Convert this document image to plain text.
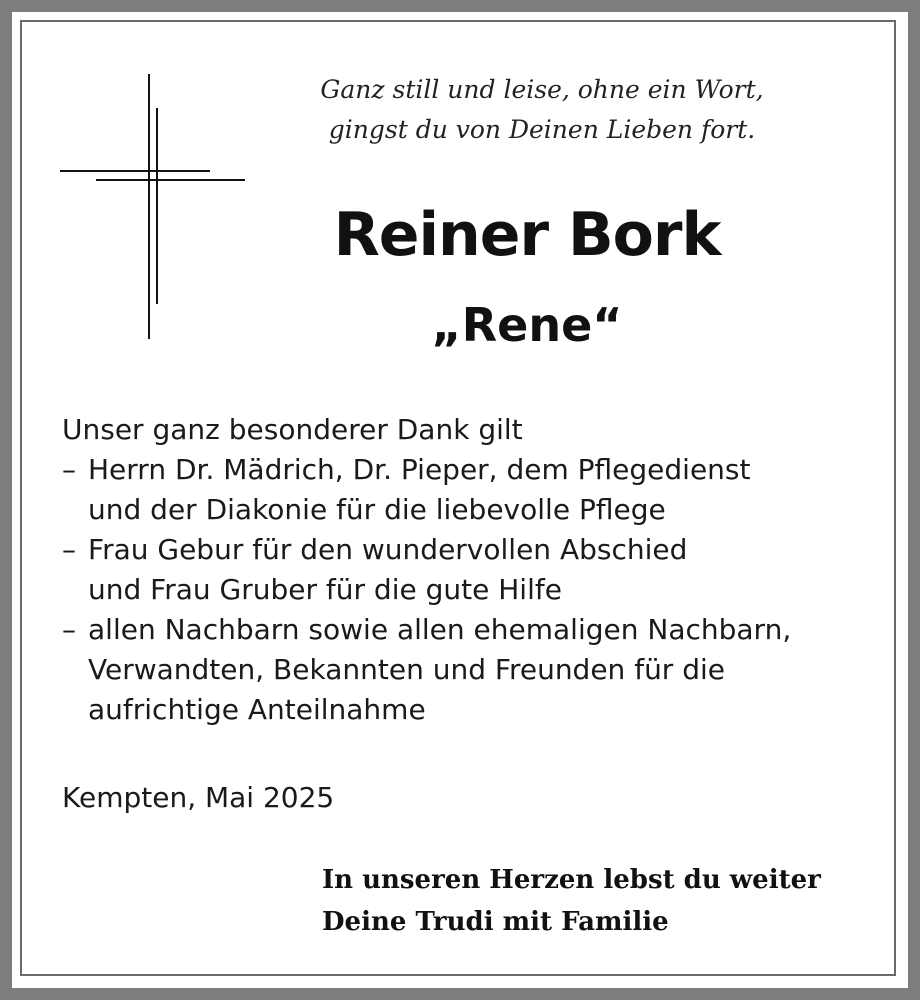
Ganz still und leise, ohne ein Wort,
gingst du von Deinen Lieben fort.
Reiner Bork
„Rene“
Unser ganz besonderer Dank gilt
– Herrn Dr. Mädrich, Dr. Pieper, dem Pflegedienst
und der Diakonie für die liebevolle Pflege
– Frau Gebur für den wundervollen Abschied
und Frau Gruber für die gute Hilfe
– allen Nachbarn sowie allen ehemaligen Nachbarn,
Verwandten, Bekannten und Freunden für die
aufrichtige Anteilnahme
Kempten, Mai 2025
In unseren Herzen lebst du weiter
Deine Trudi mit Familie
